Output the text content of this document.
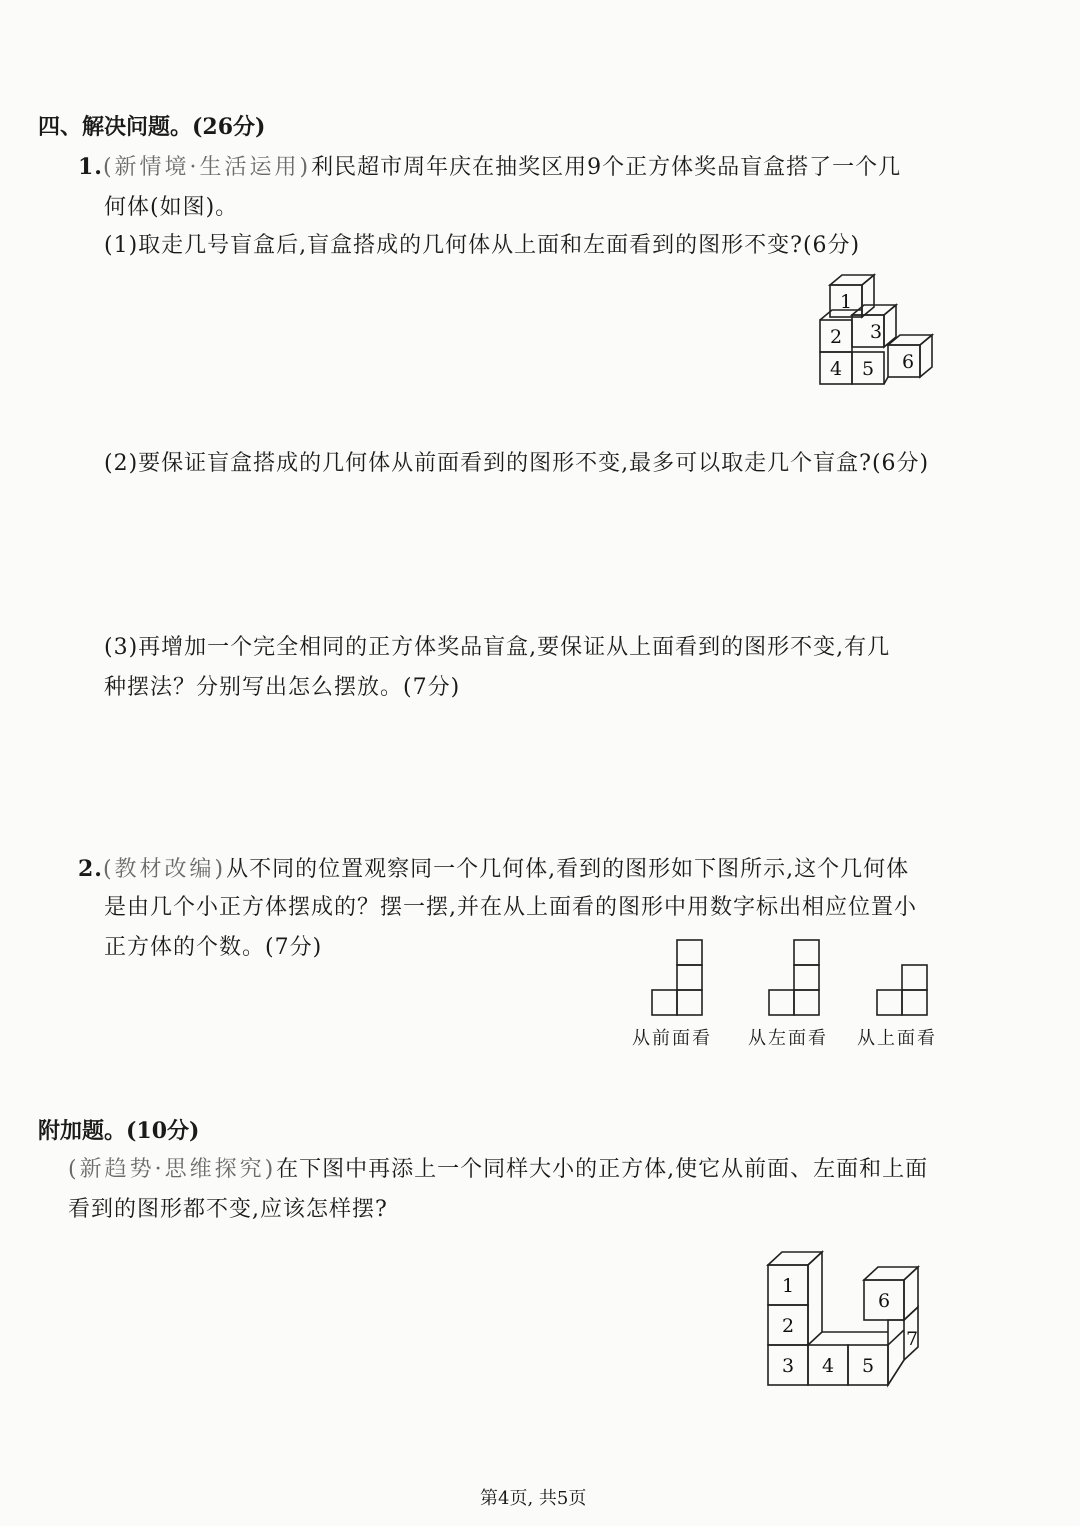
四、解决问题。(26分)
1.(新情境·生活运用)利民超市周年庆在抽奖区用9个正方体奖品盲盒搭了一个几
何体(如图)。
(1)取走几号盲盒后,盲盒搭成的几何体从上面和左面看到的图形不变?(6分)
1
2 3
4 5 6
(2)要保证盲盒搭成的几何体从前面看到的图形不变,最多可以取走几个盲盒?(6分)
(3)再增加一个完全相同的正方体奖品盲盒,要保证从上面看到的图形不变,有几
种摆法？分别写出怎么摆放。(7分)
2.(教材改编)从不同的位置观察同一个几何体,看到的图形如下图所示,这个几何体
是由几个小正方体摆成的？摆一摆,并在从上面看的图形中用数字标出相应位置小
正方体的个数。(7分)
从前面看 从左面看 从上面看
附加题。(10分)
(新趋势·思维探究)在下图中再添上一个同样大小的正方体,使它从前面、左面和上面
看到的图形都不变,应该怎样摆?
1
2
3 4 5
6
7
第4页, 共5页
